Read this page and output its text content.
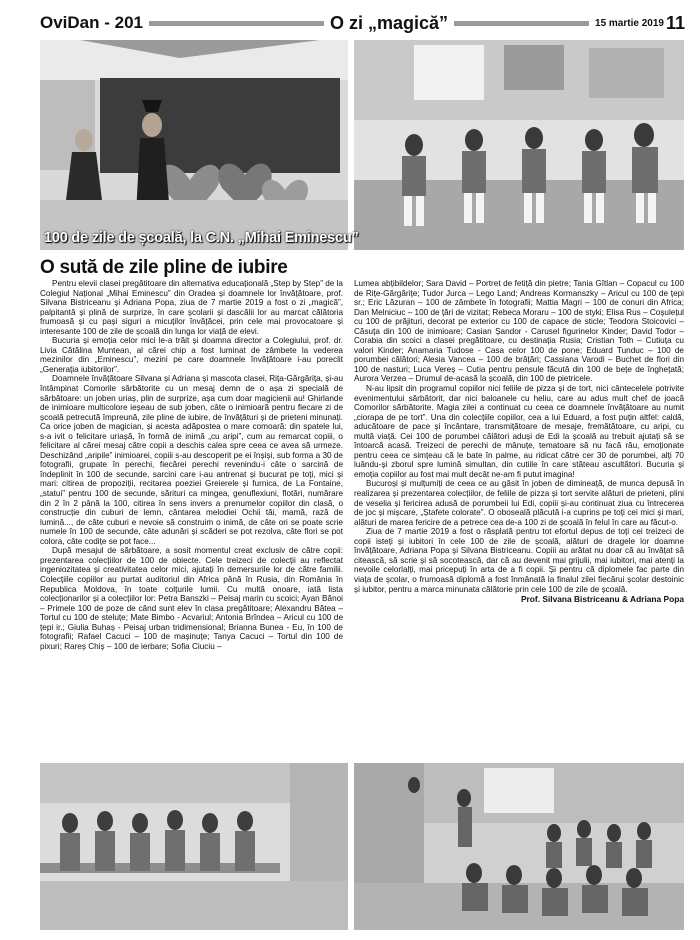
OviDan - 201	O zi „magică”	15 martie 2019 11
100 de zile de școală, la C.N. „Mihai Eminescu”
O sută de zile pline de iubire

Pentru elevii clasei pregătitoare din alternativa educațională „Step by Step” de la Colegiul Național „Mihai Eminescu” din Oradea și doamnele lor învățătoare, prof. Silvana Bistriceanu și Adriana Popa, ziua de 7 martie 2019 a fost o zi „magică”, palpitantă și plină de surprize, în care școlarii și dascălii lor au marcat călătoria frumoasă și cu pași siguri a micuților învățăcei, prin cele mai provocatoare și interesante 100 de zile de școală din lunga lor viață de elevi.

Bucuria și emoția celor mici le-a trăit și doamna director a Colegiului, prof. dr. Livia Cătălina Muntean, al cărei chip a fost luminat de zâmbete la vederea mezinilor din „Eminescu”, mezini pe care doamnele învățătoare i-au poreclit „Generația iubitorilor”.

Doamnele învățătoare Silvana și Adriana și mascota clasei, Rița-Gărgărița, și-au întâmpinat Comorile sărbătorite cu un mesaj demn de o așa zi specială de sărbătoare: un joben uriaș, plin de surprize, așa cum doar magicienii au! Ghirlande de inimioare multicolore ieșeau de sub joben, câte o inimioară pentru fiecare zi de școală petrecută împreună, zile pline de iubire, de învățături și de prieteni minunați. Ca orice joben de magician, și acesta adăpostea o mare comoară: din spatele lui, s-a ivit o felicitare uriașă, în formă de inimă „cu aripi”, cum au remarcat copiii, o felicitare al cărei mesaj către copii a deschis calea spre ceea ce avea să urmeze. Deschizând „aripile” inimioarei, copiii s-au descoperit pe ei înșiși, sub forma a 30 de fotografii, grupate în perechi, fiecărei perechi revenindu-i câte o sarcină de îndeplinit în 100 de secunde, sarcini care i-au antrenat și bucurat pe toți, mici și mari: citirea de propoziții, recitarea poeziei Greierele și furnica, de La Fontaine, „statui” pentru 100 de secunde, sărituri ca mingea, genuflexiuni, flotări, numărare din 2 în 2 până la 100, citirea în sens invers a prenumelor copiilor din clasă, o construcție din cuburi de lemn, cântarea melodiei Ochii tăi, mamă, rază de lumină..., de câte cuburi e nevoie să construim o inimă, de câte ori se poate scrie numele în 100 de secunde, câte adunări și scăderi se pot rezolva, câte flori se pot colora, câte codițe se pot face...

După mesajul de sărbătoare, a sosit momentul creat exclusiv de către copii: prezentarea colecțiilor de 100 de obiecte. Cele treizeci de colecții au reflectat ingeniozitatea și creativitatea celor mici, ajutați în demersurile lor de către familii. Colecțiile copiilor au purtat auditoriul din Africa până în Rusia, din România în Republica Moldova, în toate colțurile lumii. Cu multă onoare, iată lista colecționarilor și a colecțiilor lor: Petra Banszki – Peisaj marin cu scoici; Ayan Bănoi – Primele 100 de poze de când sunt elev în clasa pregătitoare; Alexandru Bătea – Tortul cu 100 de steluțe; Mate Bimbo - Acvariul; Antonia Brîndea – Aricul cu 100 de țepi ir.; Giulia Buhaș - Peisaj urban tridimensional; Brianna Bunea - Eu, în 100 de fotografii; Rafael Cacuci – 100 de mașinuțe; Tanya Cacuci – Tortul din 100 de pixuri; Rareș Chiș – 100 de ierbare; Sofia Ciuciu –

Lumea abțibildelor; Sara David – Portret de fetiță din pietre; Tania Gîtlan – Copacul cu 100 de Rițe-Gărgărițe; Tudor Jurca – Lego Land; Andreas Kormanszky – Aricul cu 100 de țepi sr.; Eric Lăzuran – 100 de zâmbete în fotografii; Mattia Magri – 100 de conuri din Africa; Dan Melniciuc – 100 de țări de vizitat; Rebeca Moraru – 100 de styki; Elisa Rus – Coșulețul cu 100 de prăjituri, decorat pe exterior cu 100 de capace de sticle; Teodora Stoicovici – Căsuța din 100 de inimioare; Casian Șandor - Carusel figurinelor Kinder; David Todor – Corabia din scoici a clasei pregătitoare, cu destinația Rusia; Cristian Toth – Cutiuța cu valori Kinder; Anamaria Tudose - Casa celor 100 de pone; Eduard Tunduc – 100 de porumbei călători; Alesia Vancea – 100 de brățări; Cassiana Varodi – Buchet de flori din 100 de nasturi; Luca Vereș – Cutia pentru pensule făcută din 100 de bețe de înghețată; Aurora Verzea – Drumul de-acasă la școală, din 100 de pietricele.

N-au lipsit din programul copiilor nici feliile de pizza și de tort, nici cântecelele potrivite evenimentului sărbătorit, dar nici baloanele cu heliu, care au adus mult chef de joacă Comorilor sărbătorite. Magia zilei a continuat cu ceea ce doamnele învățătoare au numit „ciorapa de pe tort”. Una din colecțiile copiilor, cea a lui Eduard, a fost puțin altfel: caldă, aducătoare de pace și încântare, transmițătoare de mesaje, fremătătoare, cu aripi, cu multă viață. Cei 100 de porumbei călători aduși de Edi la școală au trebuit ajutați să se întoarcă acasă. Treizeci de perechi de mânuțe, tematoare să nu facă rău, emoționate pentru ceea ce simțeau că le bate în palme, au ridicat către cer 30 de porumbei, alți 70 luându-și zborul spre lumină simultan, din cutiile în care stăteau ascultători. Bucuria și emoția copiilor au fost mai mult decât ne-am fi putut imagina!

Bucuroși și mulțumiți de ceea ce au găsit în joben de dimineață, de munca depusă în realizarea și prezentarea colecțiilor, de feliile de pizza și tort servite alături de prieteni, plini de veselia și fericirea adusă de porumbeii lui Edi, copiii și-au continuat ziua cu întrecerea de joc și mișcare, „Ștafete colorate”. O oboseală plăcută i-a cuprins pe toți cei mici și mari, alături de marea fericire de a petrece cea de-a 100 zi de școală în felul în care au făcut-o.

Ziua de 7 martie 2019 a fost o răsplată pentru tot efortul depus de toți cei treizeci de copii isteți și iubitori în cele 100 de zile de școală, alături de dragele lor doamne învățătoare, Adriana Popa și Silvana Bistriceanu. Copiii au arătat nu doar că au învățat să citească, să scrie și să socotească, dar că au devenit mai grijulii, mai iubitori, mai atenți la nevoile celorlalți, mai pricepuți în arta de a fi copii. Și pentru că diplomele fac parte din viața de școlar, o frumoasă diplomă a fost înmânată la finalul zilei fiecărui școlar destoinic și iubitor, pentru a marca minunata călătorie prin cele 100 de zile de școală.

Prof. Silvana Bistriceanu & Adriana Popa
